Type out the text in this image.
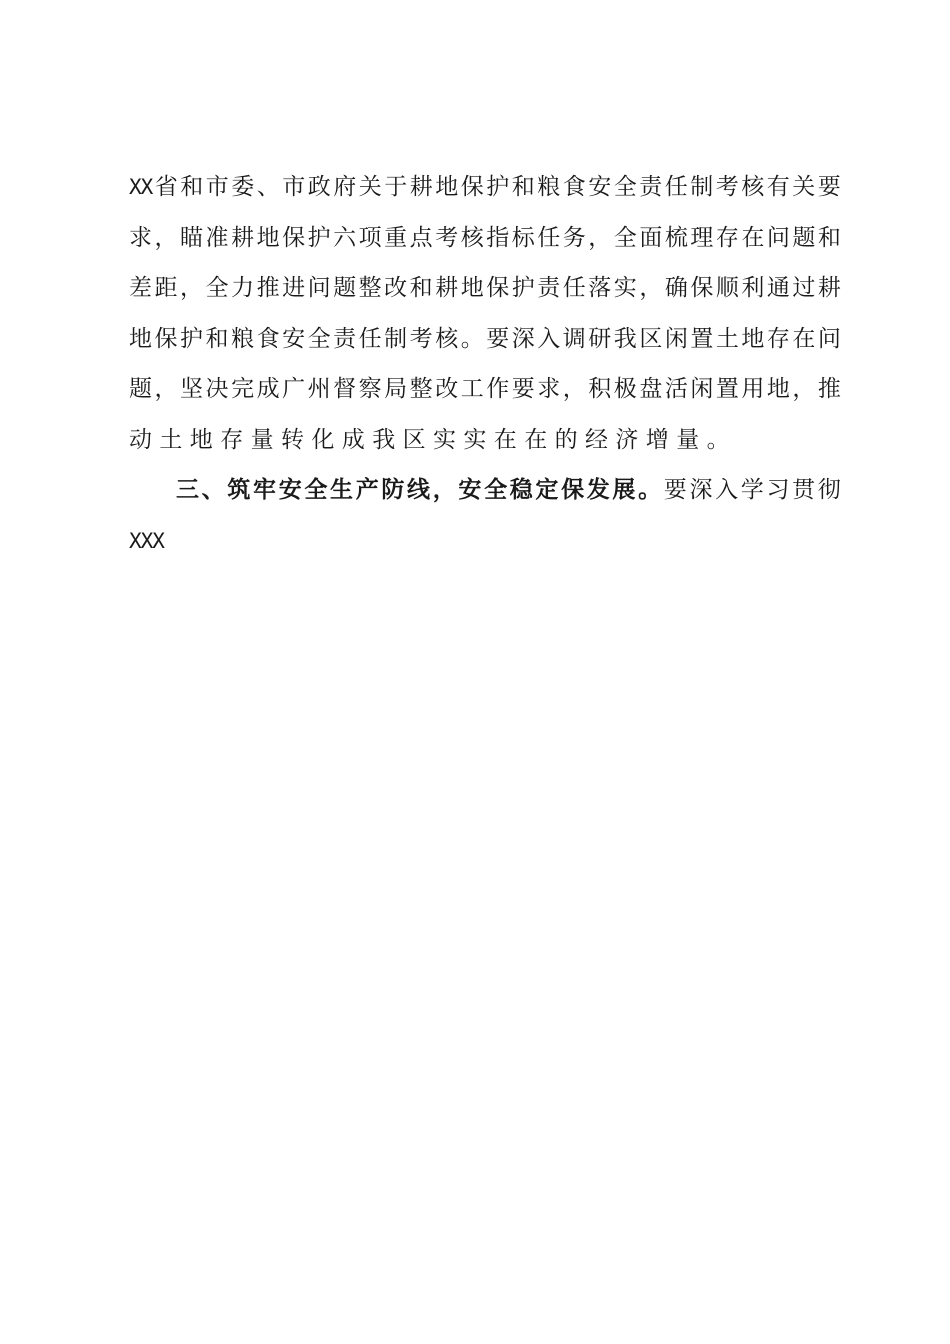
XX 省 和 市 委 、 市 政 府 关 于 耕 地 保 护 和 粮 食 安 全 责 任 制 考 核 有 关 要
求 ， 瞄 准 耕 地 保 护 六 项 重 点 考 核 指 标 任 务 ， 全 面 梳 理 存 在 问 题 和
差 距 ， 全 力 推 进 问 题 整 改 和 耕 地 保 护 责 任 落 实 ， 确 保 顺 利 通 过 耕
地 保 护 和 粮 食 安 全 责 任 制 考 核 。 要 深 入 调 研 我 区 闲 置 土 地 存 在 问
题 ， 坚 决 完 成 广 州 督 察 局 整 改 工 作 要 求 ， 积 极 盘 活 闲 置 用 地 ， 推
动土地存量转化成我区实实在在的经济增量。
三 、 筑 牢 安 全 生 产 防 线 ， 安 全 稳 定 保 发 展 。 要 深 入 学 习 贯 彻
XXX
